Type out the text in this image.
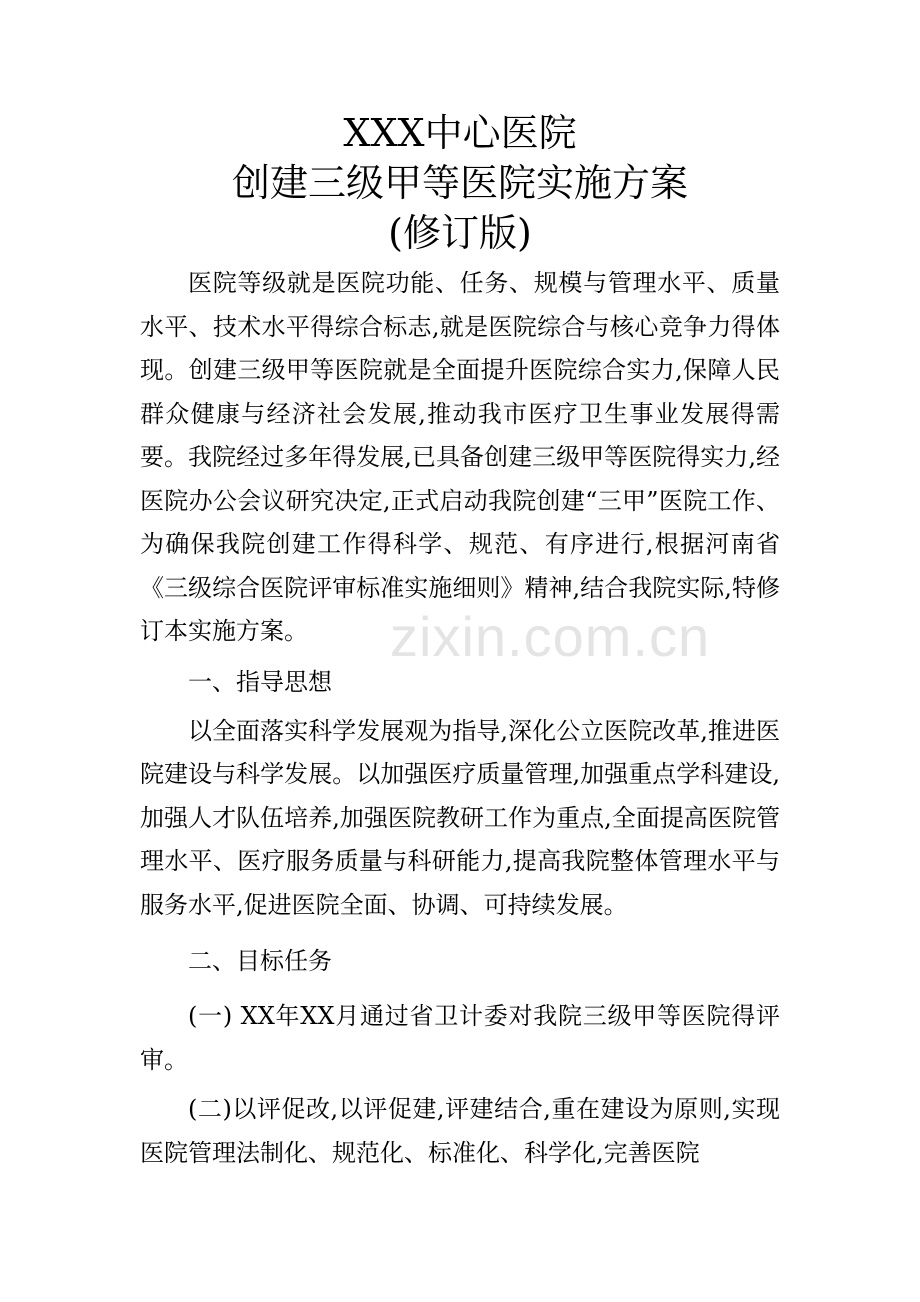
XXX中心医院
创建三级甲等医院实施方案
(修订版)

医院等级就是医院功能、任务、规模与管理水平、质量水平、技术水平得综合标志,就是医院综合与核心竞争力得体现。创建三级甲等医院就是全面提升医院综合实力,保障人民群众健康与经济社会发展,推动我市医疗卫生事业发展得需要。我院经过多年得发展,已具备创建三级甲等医院得实力,经医院办公会议研究决定,正式启动我院创建“三甲”医院工作、为确保我院创建工作得科学、规范、有序进行,根据河南省《三级综合医院评审标准实施细则》精神,结合我院实际,特修订本实施方案。

一、指导思想

以全面落实科学发展观为指导,深化公立医院改革,推进医院建设与科学发展。以加强医疗质量管理,加强重点学科建设,加强人才队伍培养,加强医院教研工作为重点,全面提高医院管理水平、医疗服务质量与科研能力,提高我院整体管理水平与服务水平,促进医院全面、协调、可持续发展。

二、目标任务

(一) XX年XX月通过省卫计委对我院三级甲等医院得评审。

(二)以评促改,以评促建,评建结合,重在建设为原则,实现医院管理法制化、规范化、标准化、科学化,完善医院

zixin.com.cn
